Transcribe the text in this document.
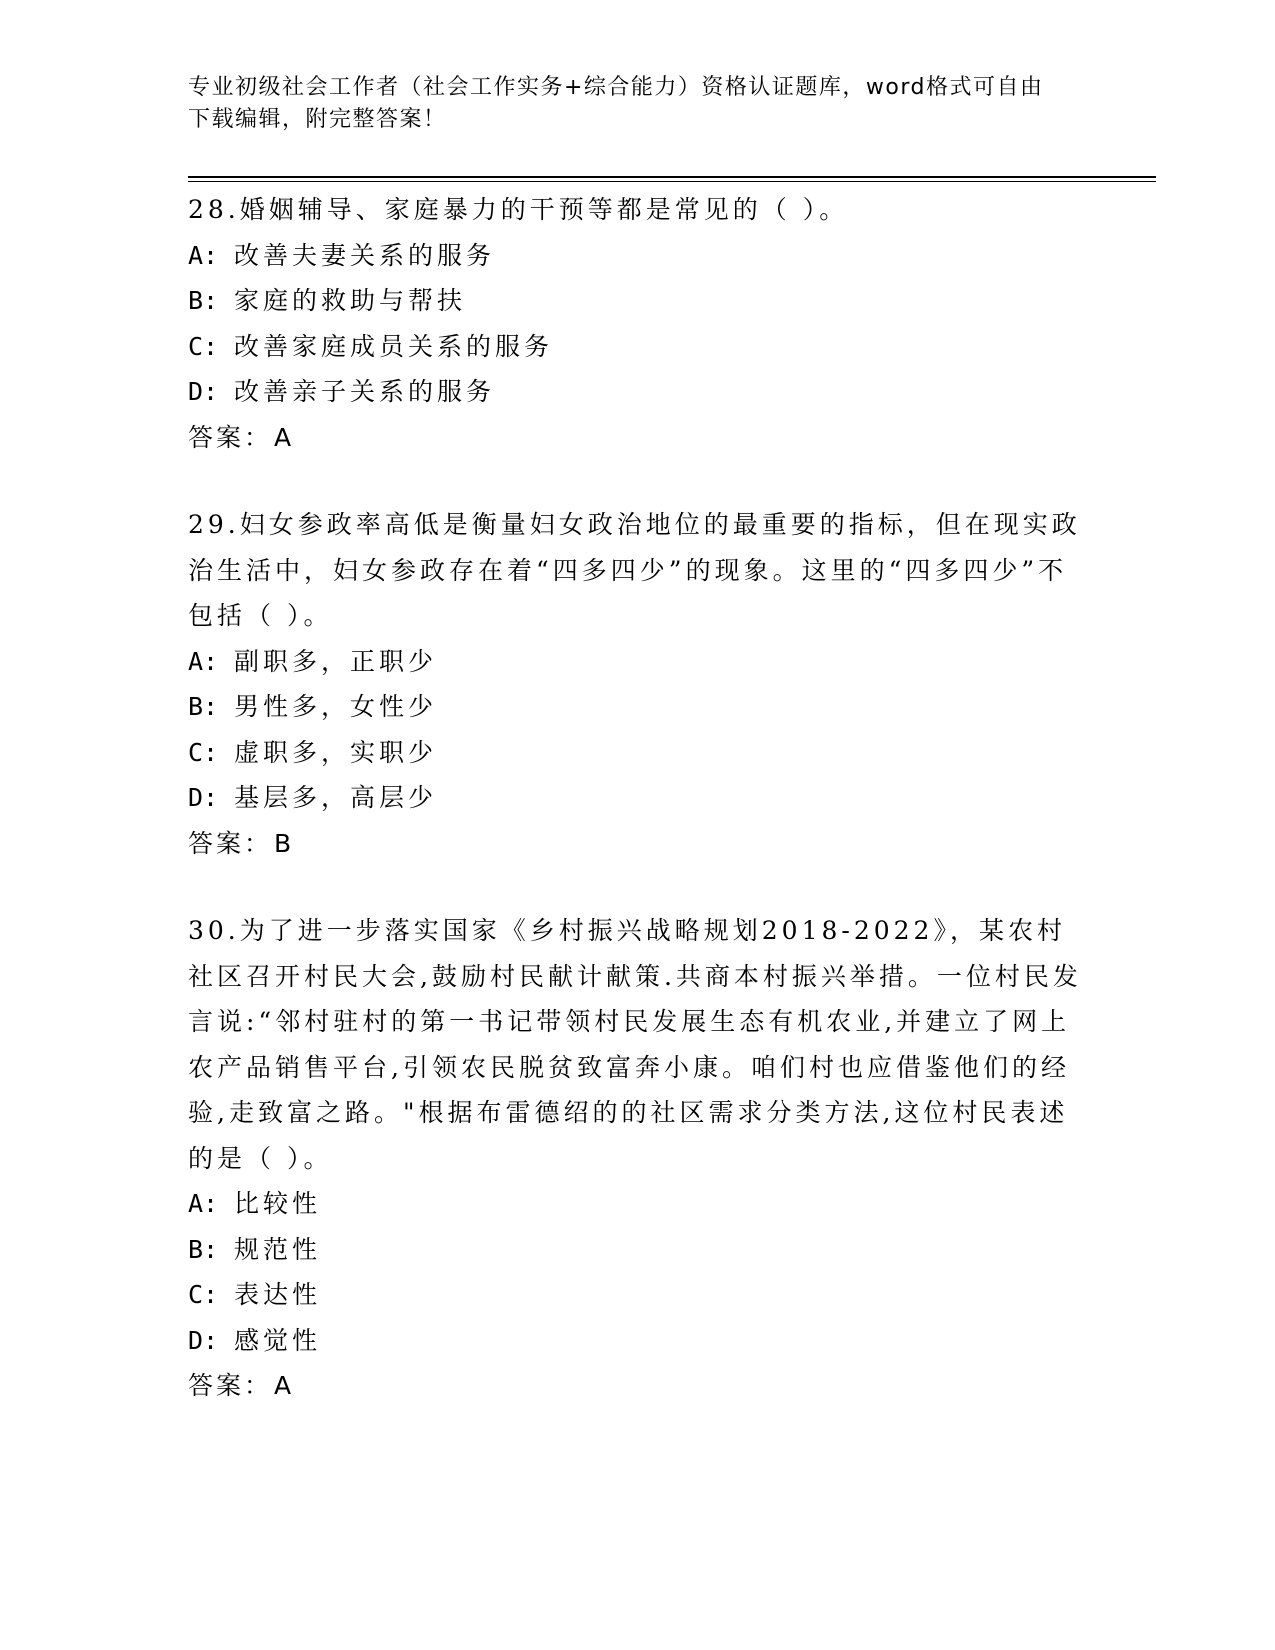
专业初级社会工作者（社会工作实务+综合能力）资格认证题库，word格式可自由
下载编辑，附完整答案！
28.婚姻辅导、家庭暴力的干预等都是常见的（ ）。
A: 改善夫妻关系的服务
B: 家庭的救助与帮扶
C: 改善家庭成员关系的服务
D: 改善亲子关系的服务
答案：A
29.妇女参政率高低是衡量妇女政治地位的最重要的指标，但在现实政治生活中，妇女参政存在着“四多四少”的现象。这里的“四多四少”不包括（ ）。
A: 副职多，正职少
B: 男性多，女性少
C: 虚职多，实职少
D: 基层多，高层少
答案：B
30.为了进一步落实国家《乡村振兴战略规划2018-2022》，某农村社区召开村民大会,鼓励村民献计献策.共商本村振兴举措。一位村民发言说:“邻村驻村的第一书记带领村民发展生态有机农业,并建立了网上农产品销售平台,引领农民脱贫致富奔小康。咱们村也应借鉴他们的经验,走致富之路。"根据布雷德绍的的社区需求分类方法,这位村民表述的是（ ）。
A: 比较性
B: 规范性
C: 表达性
D: 感觉性
答案：A
